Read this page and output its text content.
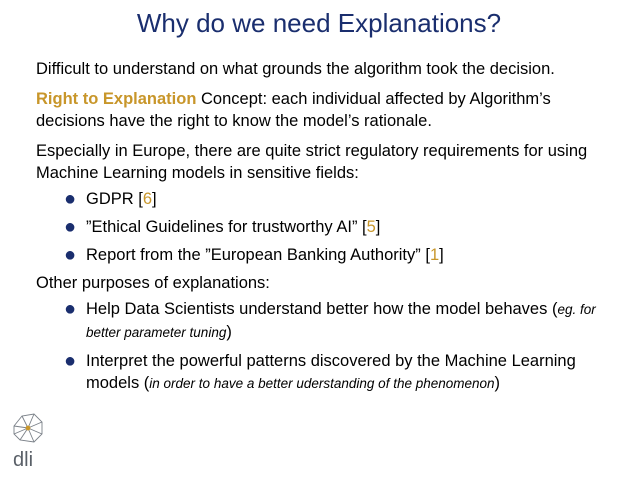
Why do we need Explanations?

Difficult to understand on what grounds the algorithm took the decision.

Right to Explanation Concept: each individual affected by Algorithm’s decisions have the right to know the model’s rationale.

Especially in Europe, there are quite strict regulatory requirements for using Machine Learning models in sensitive fields:

● GDPR [6]
● ”Ethical Guidelines for trustworthy AI” [5]
● Report from the ”European Banking Authority” [1]

Other purposes of explanations:

● Help Data Scientists understand better how the model behaves (eg. for better parameter tuning)
● Interpret the powerful patterns discovered by the Machine Learning models (in order to have a better uderstanding of the phenomenon)
dli
